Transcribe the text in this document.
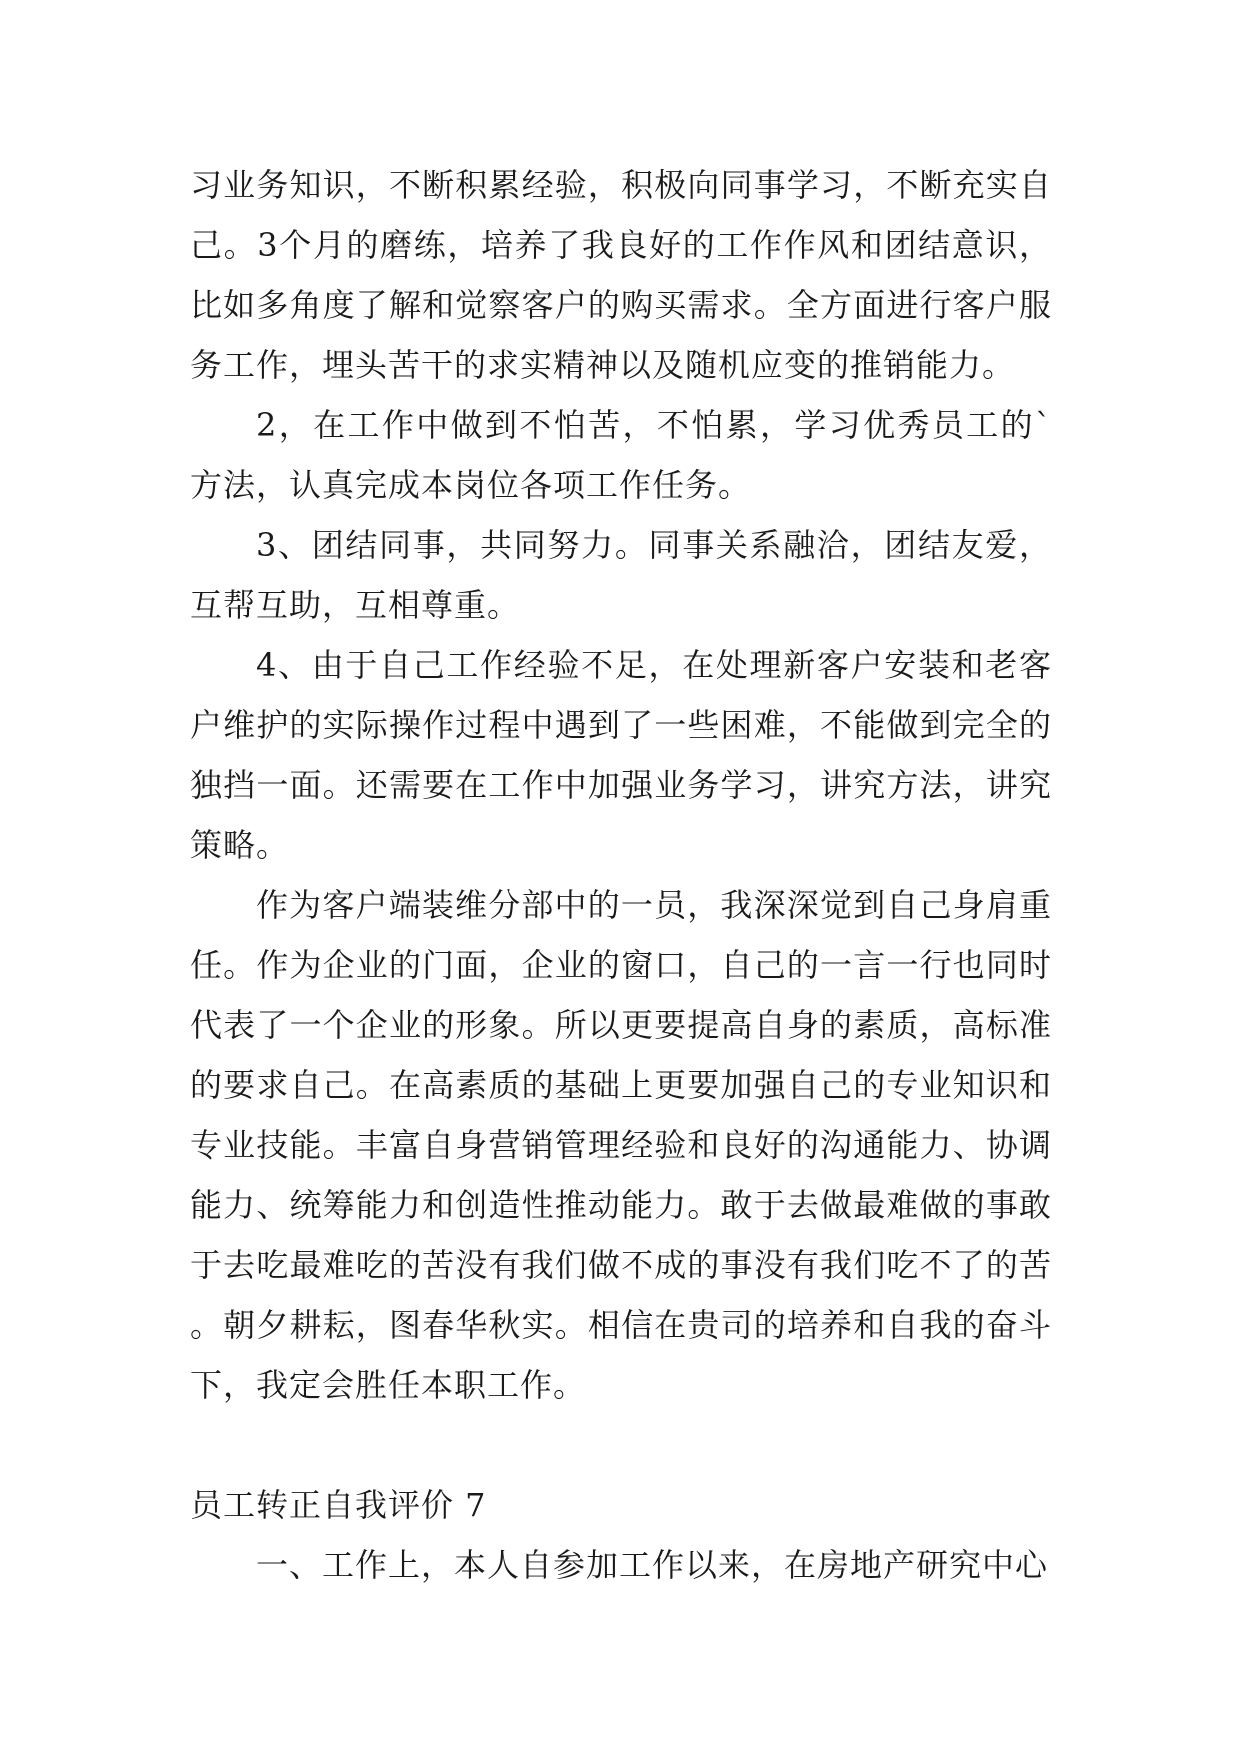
习业务知识，不断积累经验，积极向同事学习，不断充实自己。3个月的磨练，培养了我良好的工作作风和团结意识，比如多角度了解和觉察客户的购买需求。全方面进行客户服务工作，埋头苦干的求实精神以及随机应变的推销能力。

2，在工作中做到不怕苦，不怕累，学习优秀员工的`方法，认真完成本岗位各项工作任务。

3、团结同事，共同努力。同事关系融洽，团结友爱，互帮互助，互相尊重。

4、由于自己工作经验不足，在处理新客户安装和老客户维护的实际操作过程中遇到了一些困难，不能做到完全的独挡一面。还需要在工作中加强业务学习，讲究方法，讲究策略。

作为客户端装维分部中的一员，我深深觉到自己身肩重任。作为企业的门面，企业的窗口，自己的一言一行也同时代表了一个企业的形象。所以更要提高自身的素质，高标准的要求自己。在高素质的基础上更要加强自己的专业知识和专业技能。丰富自身营销管理经验和良好的沟通能力、协调能力、统筹能力和创造性推动能力。敢于去做最难做的事敢于去吃最难吃的苦没有我们做不成的事没有我们吃不了的苦。朝夕耕耘，图春华秋实。相信在贵司的培养和自我的奋斗下，我定会胜任本职工作。

员工转正自我评价 7

一、工作上，本人自参加工作以来，在房地产研究中心
